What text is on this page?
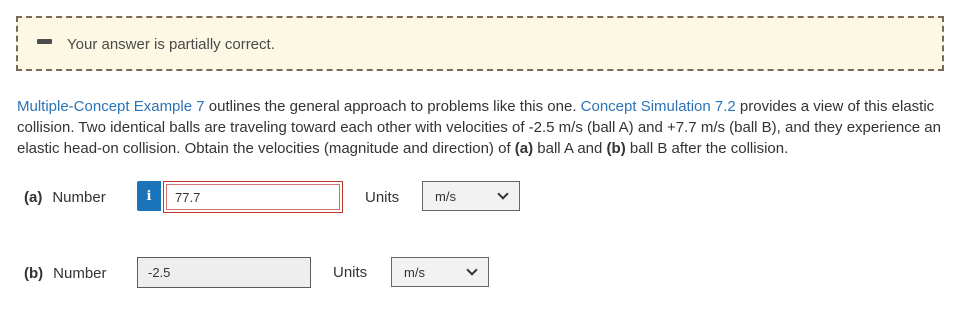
Your answer is partially correct.
Multiple-Concept Example 7 outlines the general approach to problems like this one. Concept Simulation 7.2 provides a view of this elastic collision. Two identical balls are traveling toward each other with velocities of -2.5 m/s (ball A) and +7.7 m/s (ball B), and they experience an elastic head-on collision. Obtain the velocities (magnitude and direction) of (a) ball A and (b) ball B after the collision.
(a) Number	i	77.7	Units	m/s
(b) Number	-2.5	Units	m/s
